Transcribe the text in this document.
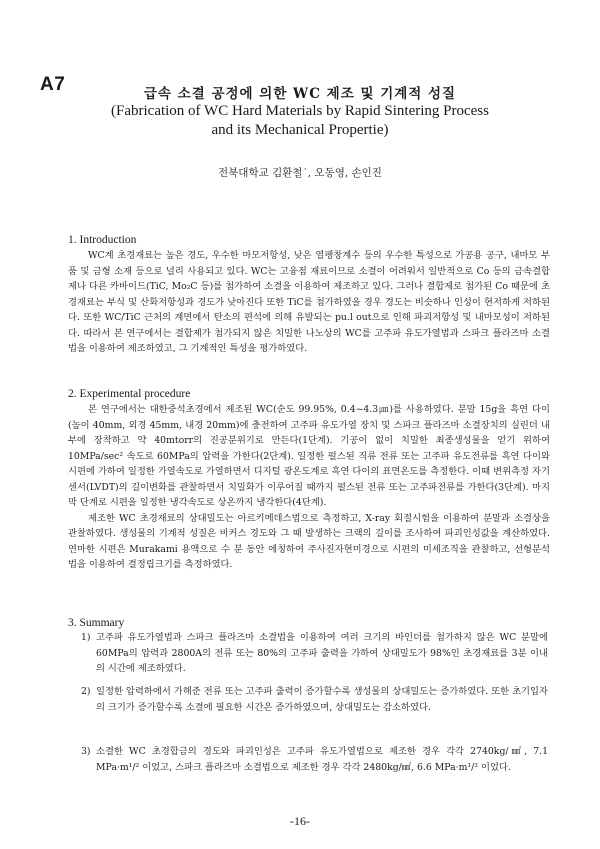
A7	급속 소결 공정에 의한 WC 제조 및 기계적 성질
(Fabrication of WC Hard Materials by Rapid Sintering Process
and its Mechanical Propertie)
전북대학교 김환철˙, 오동영, 손인진
1. Introduction
WC계 초경재료는 높은 경도, 우수한 마모저항성, 낮은 열팽창계수 등의 우수한 특성으로 가공용 공구, 내마모 부품 및 금형 소재 등으로 널리 사용되고 있다. WC는 고융점 재료이므로 소결이 어려워서 일반적으로 Co 등의 금속결합제나 다른 카바이드(TiC, Mo₂C 등)를 첨가하여 소결을 이용하여 제조하고 있다. 그러나 결합제로 첨가된 Co 때문에 초경재료는 부식 및 산화저항성과 경도가 낮아진다 또한 TiC를 첨가하였을 경우 경도는 비슷하나 인성이 현저하게 저하된다. 또한 WC/TiC 근처의 계면에서 탄소의 편석에 의해 유발되는 pu.l out으로 인해 파괴저항성 및 내마모성이 저하된다. 따라서 본 연구에서는 결합제가 첨가되지 않은 치밀한 나노상의 WC를 고주파 유도가열법과 스파크 플라즈마 소결법을 이용하여 제조하였고, 그 기계적인 특성을 평가하였다.
2. Experimental procedure
본 연구에서는 대한중석초경에서 제조된 WC(순도 99.95%, 0.4~4.3㎛)를 사용하였다. 분말 15g을 흑연 다이(높이 40mm, 외경 45mm, 내경 20mm)에 충전하여 고주파 유도가열 장치 및 스파크 플라즈마 소결장치의 실린더 내부에 장착하고 약 40mtorr의 진공분위기로 만든다(1단계). 기공이 없이 치밀한 최종생성물을 얻기 위하여 10MPa/sec² 속도로 60MPa의 압력을 가한다(2단계). 일정한 펄스된 직류 전류 또는 고주파 유도전류를 흑연 다이와 시편에 가하여 일정한 가열속도로 가열하면서 디지털 광온도계로 흑연 다이의 표면온도를 측정한다. 이때 변위측정 자기센서(LVDT)의 길이변화를 관찰하면서 치밀화가 이루어질 때까지 펄스된 전류 또는 고주파전류를 가한다(3단계). 마지막 단계로 시편을 일정한 냉각속도로 상온까지 냉각한다(4단계).
제조한 WC 초경재료의 상대밀도는 아르키메데스법으로 측정하고, X-ray 회절시험을 이용하여 분말과 소결상을 관찰하였다. 생성물의 기계적 성질은 비커스 경도와 그 때 발생하는 크랙의 길이를 조사하여 파괴인성값을 계산하였다. 연마한 시편은 Murakami 용액으로 수 분 동안 에칭하여 주사진자현미경으로 시편의 미세조직을 관찰하고, 선형분석법을 이용하여 결정립크기를 측정하였다.
3. Summary
1) 고주파 유도가열법과 스파크 플라즈마 소결법을 이용하여 여러 크기의 바인더를 첨가하지 않은 WC 분말에 60MPa의 압력과 2800A의 전류 또는 80%의 고주파 출력을 가하여 상대밀도가 98%인 초경재료를 3분 이내의 시간에 제조하였다.
2) 일정한 압력하에서 가해준 전류 또는 고주파 출력이 증가할수록 생성물의 상대밀도는 증가하였다. 또한 초기입자의 크기가 증가할수록 소결에 필요한 시간은 증가하였으며, 상대밀도는 감소하였다.
3) 소결한 WC 초경합금의 경도와 파괴인성은 고주파 유도가열법으로 제조한 경우 각각 2740kg/㎟, 7.1 MPa·m¹/² 이었고, 스파크 플라즈마 소결법으로 제조한 경우 각각 2480kg/㎟, 6.6 MPa·m¹/² 이었다.
-16-
